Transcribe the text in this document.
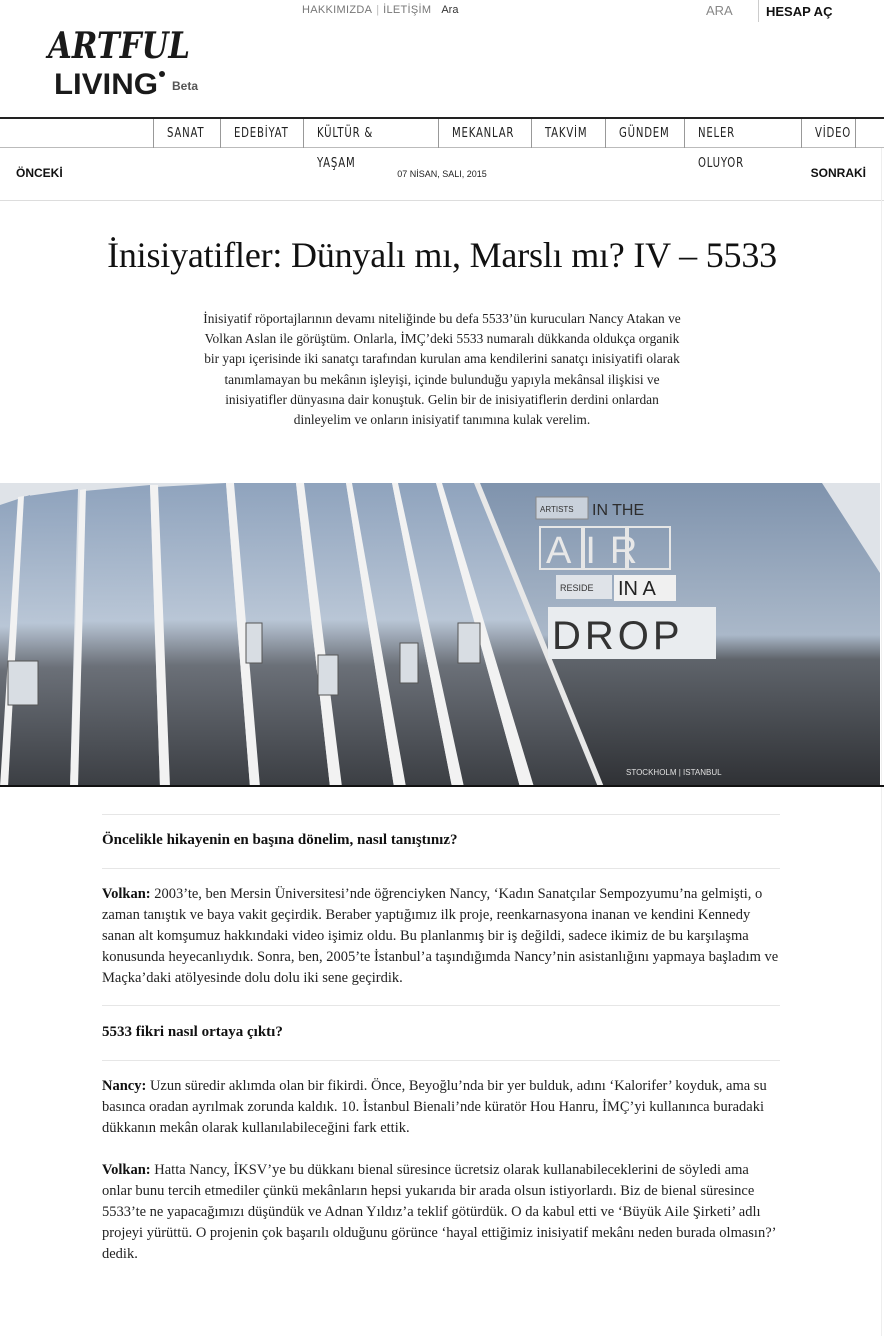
ARTFUL
LIVING Beta
HAKKIMIZDA | İLETİŞİM Ara	ARA	HESAP AÇ
SANAT	EDEBİYAT	KÜLTÜR & YAŞAM
MEKANLAR	TAKVİM	GÜNDEM	NELER OLUYOR
VİDEO
ÖNCEKİ	07 NİSAN, SALI, 2015	SONRAKİ
İnisiyatifler: Dünyalı mı, Marslı mı? IV – 5533

İnisiyatif röportajlarının devamı niteliğinde bu defa 5533’ün kurucuları Nancy Atakan ve Volkan Aslan ile görüştüm. Onlarla, İMÇ’deki 5533 numaralı dükkanda oldukça organik bir yapı içerisinde iki sanatçı tarafından kurulan ama kendilerini sanatçı inisiyatifi olarak tanımlamayan bu mekânın işleyişi, içinde bulunduğu yapıyla mekânsal ilişkisi ve inisiyatifler dünyasına dair konuştuk. Gelin bir de inisiyatiflerin derdini onlardan dinleyelim ve onların inisiyatif tanımına kulak verelim.

ARTISTS IN THE
AIR
RESIDE IN A
DROP
STOCKHOLM | ISTANBUL
Öncelikle hikayenin en başına dönelim, nasıl tanıştınız?

Volkan: 2003’te, ben Mersin Üniversitesi’nde öğrenciyken Nancy, ‘Kadın Sanatçılar Sempozyumu’na gelmişti, o zaman tanıştık ve baya vakit geçirdik. Beraber yaptığımız ilk proje, reenkarnasyona inanan ve kendini Kennedy sanan alt komşumuz hakkındaki video işimiz oldu. Bu planlanmış bir iş değildi, sadece ikimiz de bu karşılaşma konusunda heyecanlıydık. Sonra, ben, 2005’te İstanbul’a taşındığımda Nancy’nin asistanlığını yapmaya başladım ve Maçka’daki atölyesinde dolu dolu iki sene geçirdik.

5533 fikri nasıl ortaya çıktı?

Nancy: Uzun süredir aklımda olan bir fikirdi. Önce, Beyoğlu’nda bir yer bulduk, adını ‘Kalorifer’ koyduk, ama su basınca oradan ayrılmak zorunda kaldık. 10. İstanbul Bienali’nde küratör Hou Hanru, İMÇ’yi kullanınca buradaki dükkanın mekân olarak kullanılabileceğini fark ettik.

Volkan: Hatta Nancy, İKSV’ye bu dükkanı bienal süresince ücretsiz olarak kullanabileceklerini de söyledi ama onlar bunu tercih etmediler çünkü mekânların hepsi yukarıda bir arada olsun istiyorlardı. Biz de bienal süresince 5533’te ne yapacağımızı düşündük ve Adnan Yıldız’a teklif götürdük. O da kabul etti ve ‘Büyük Aile Şirketi’ adlı projeyi yürüttü. O projenin çok başarılı olduğunu görünce ‘hayal ettiğimiz inisiyatif mekânı neden burada olmasın?’ dedik.
